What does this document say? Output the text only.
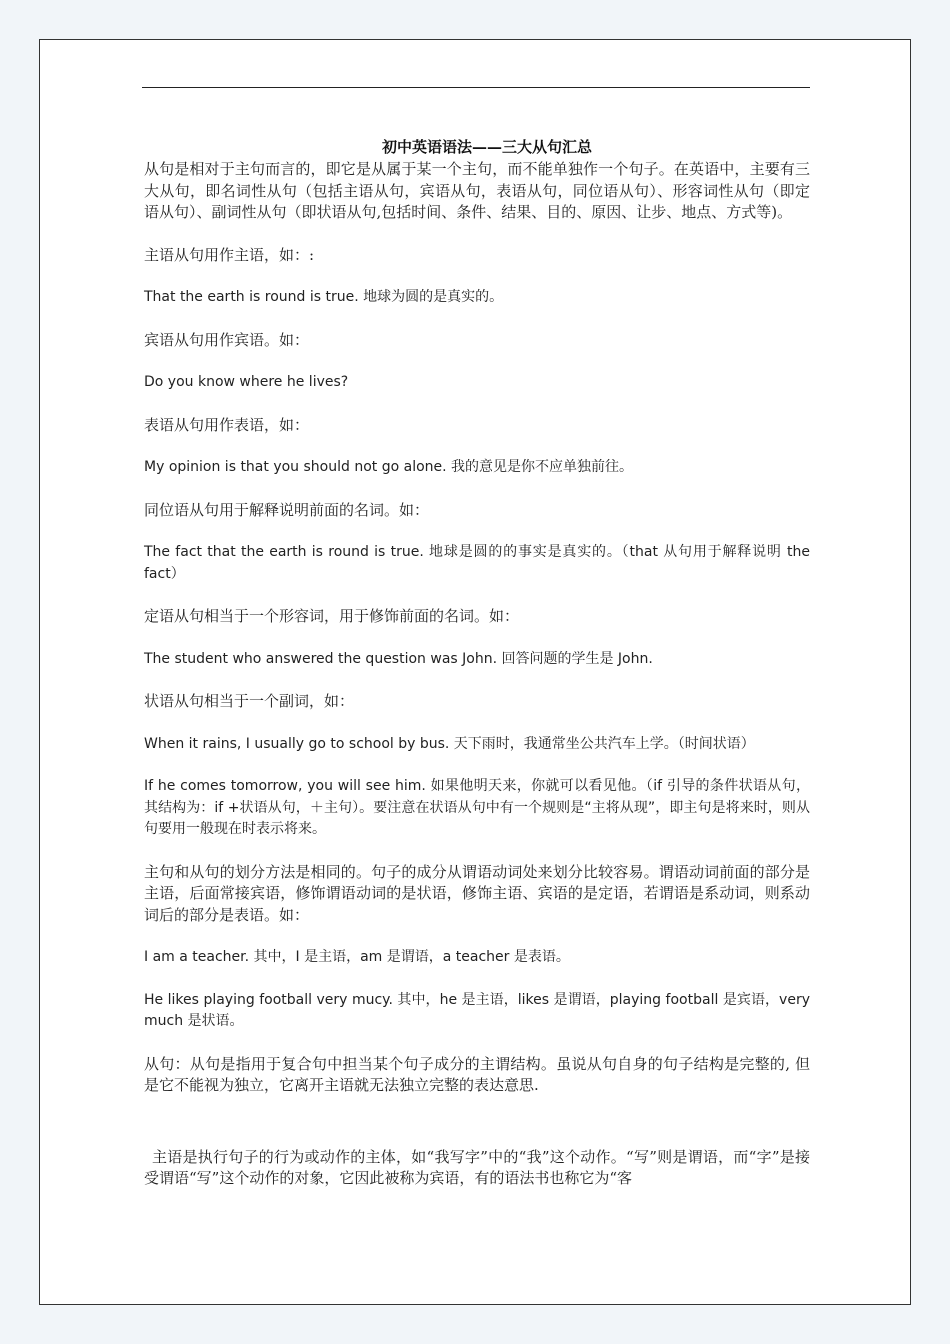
初中英语语法——三大从句汇总
从句是相对于主句而言的，即它是从属于某一个主句，而不能单独作一个句子。在英语中，主要有三大从句，即名词性从句（包括主语从句，宾语从句，表语从句，同位语从句）、形容词性从句（即定语从句）、副词性从句（即状语从句,包括时间、条件、结果、目的、原因、让步、地点、方式等)。
主语从句用作主语，如：:
That the earth is round is true. 地球为圆的是真实的。
宾语从句用作宾语。如：
Do you know where he lives?
表语从句用作表语，如：
My opinion is that you should not go alone. 我的意见是你不应单独前往。
同位语从句用于解释说明前面的名词。如：
The fact that the earth is round is true. 地球是圆的的事实是真实的。（that 从句用于解释说明 the fact）
定语从句相当于一个形容词，用于修饰前面的名词。如：
The student who answered the question was John. 回答问题的学生是 John.
状语从句相当于一个副词，如：
When it rains, I usually go to school by bus. 天下雨时，我通常坐公共汽车上学。（时间状语）
If he comes tomorrow, you will see him. 如果他明天来，你就可以看见他。（if 引导的条件状语从句，其结构为：if +状语从句，＋主句）。要注意在状语从句中有一个规则是“主将从现”，即主句是将来时，则从句要用一般现在时表示将来。
主句和从句的划分方法是相同的。句子的成分从谓语动词处来划分比较容易。谓语动词前面的部分是主语，后面常接宾语，修饰谓语动词的是状语，修饰主语、宾语的是定语，若谓语是系动词，则系动词后的部分是表语。如：
I am a teacher. 其中，I 是主语，am 是谓语，a teacher 是表语。
He likes playing football very mucy. 其中，he 是主语，likes 是谓语，playing football 是宾语，very much 是状语。
从句：从句是指用于复合句中担当某个句子成分的主谓结构。虽说从句自身的句子结构是完整的, 但是它不能视为独立，它离开主语就无法独立完整的表达意思.
主语是执行句子的行为或动作的主体，如“我写字”中的“我”这个动作。“写”则是谓语，而“字”是接受谓语“写”这个动作的对象，它因此被称为宾语，有的语法书也称它为“客
